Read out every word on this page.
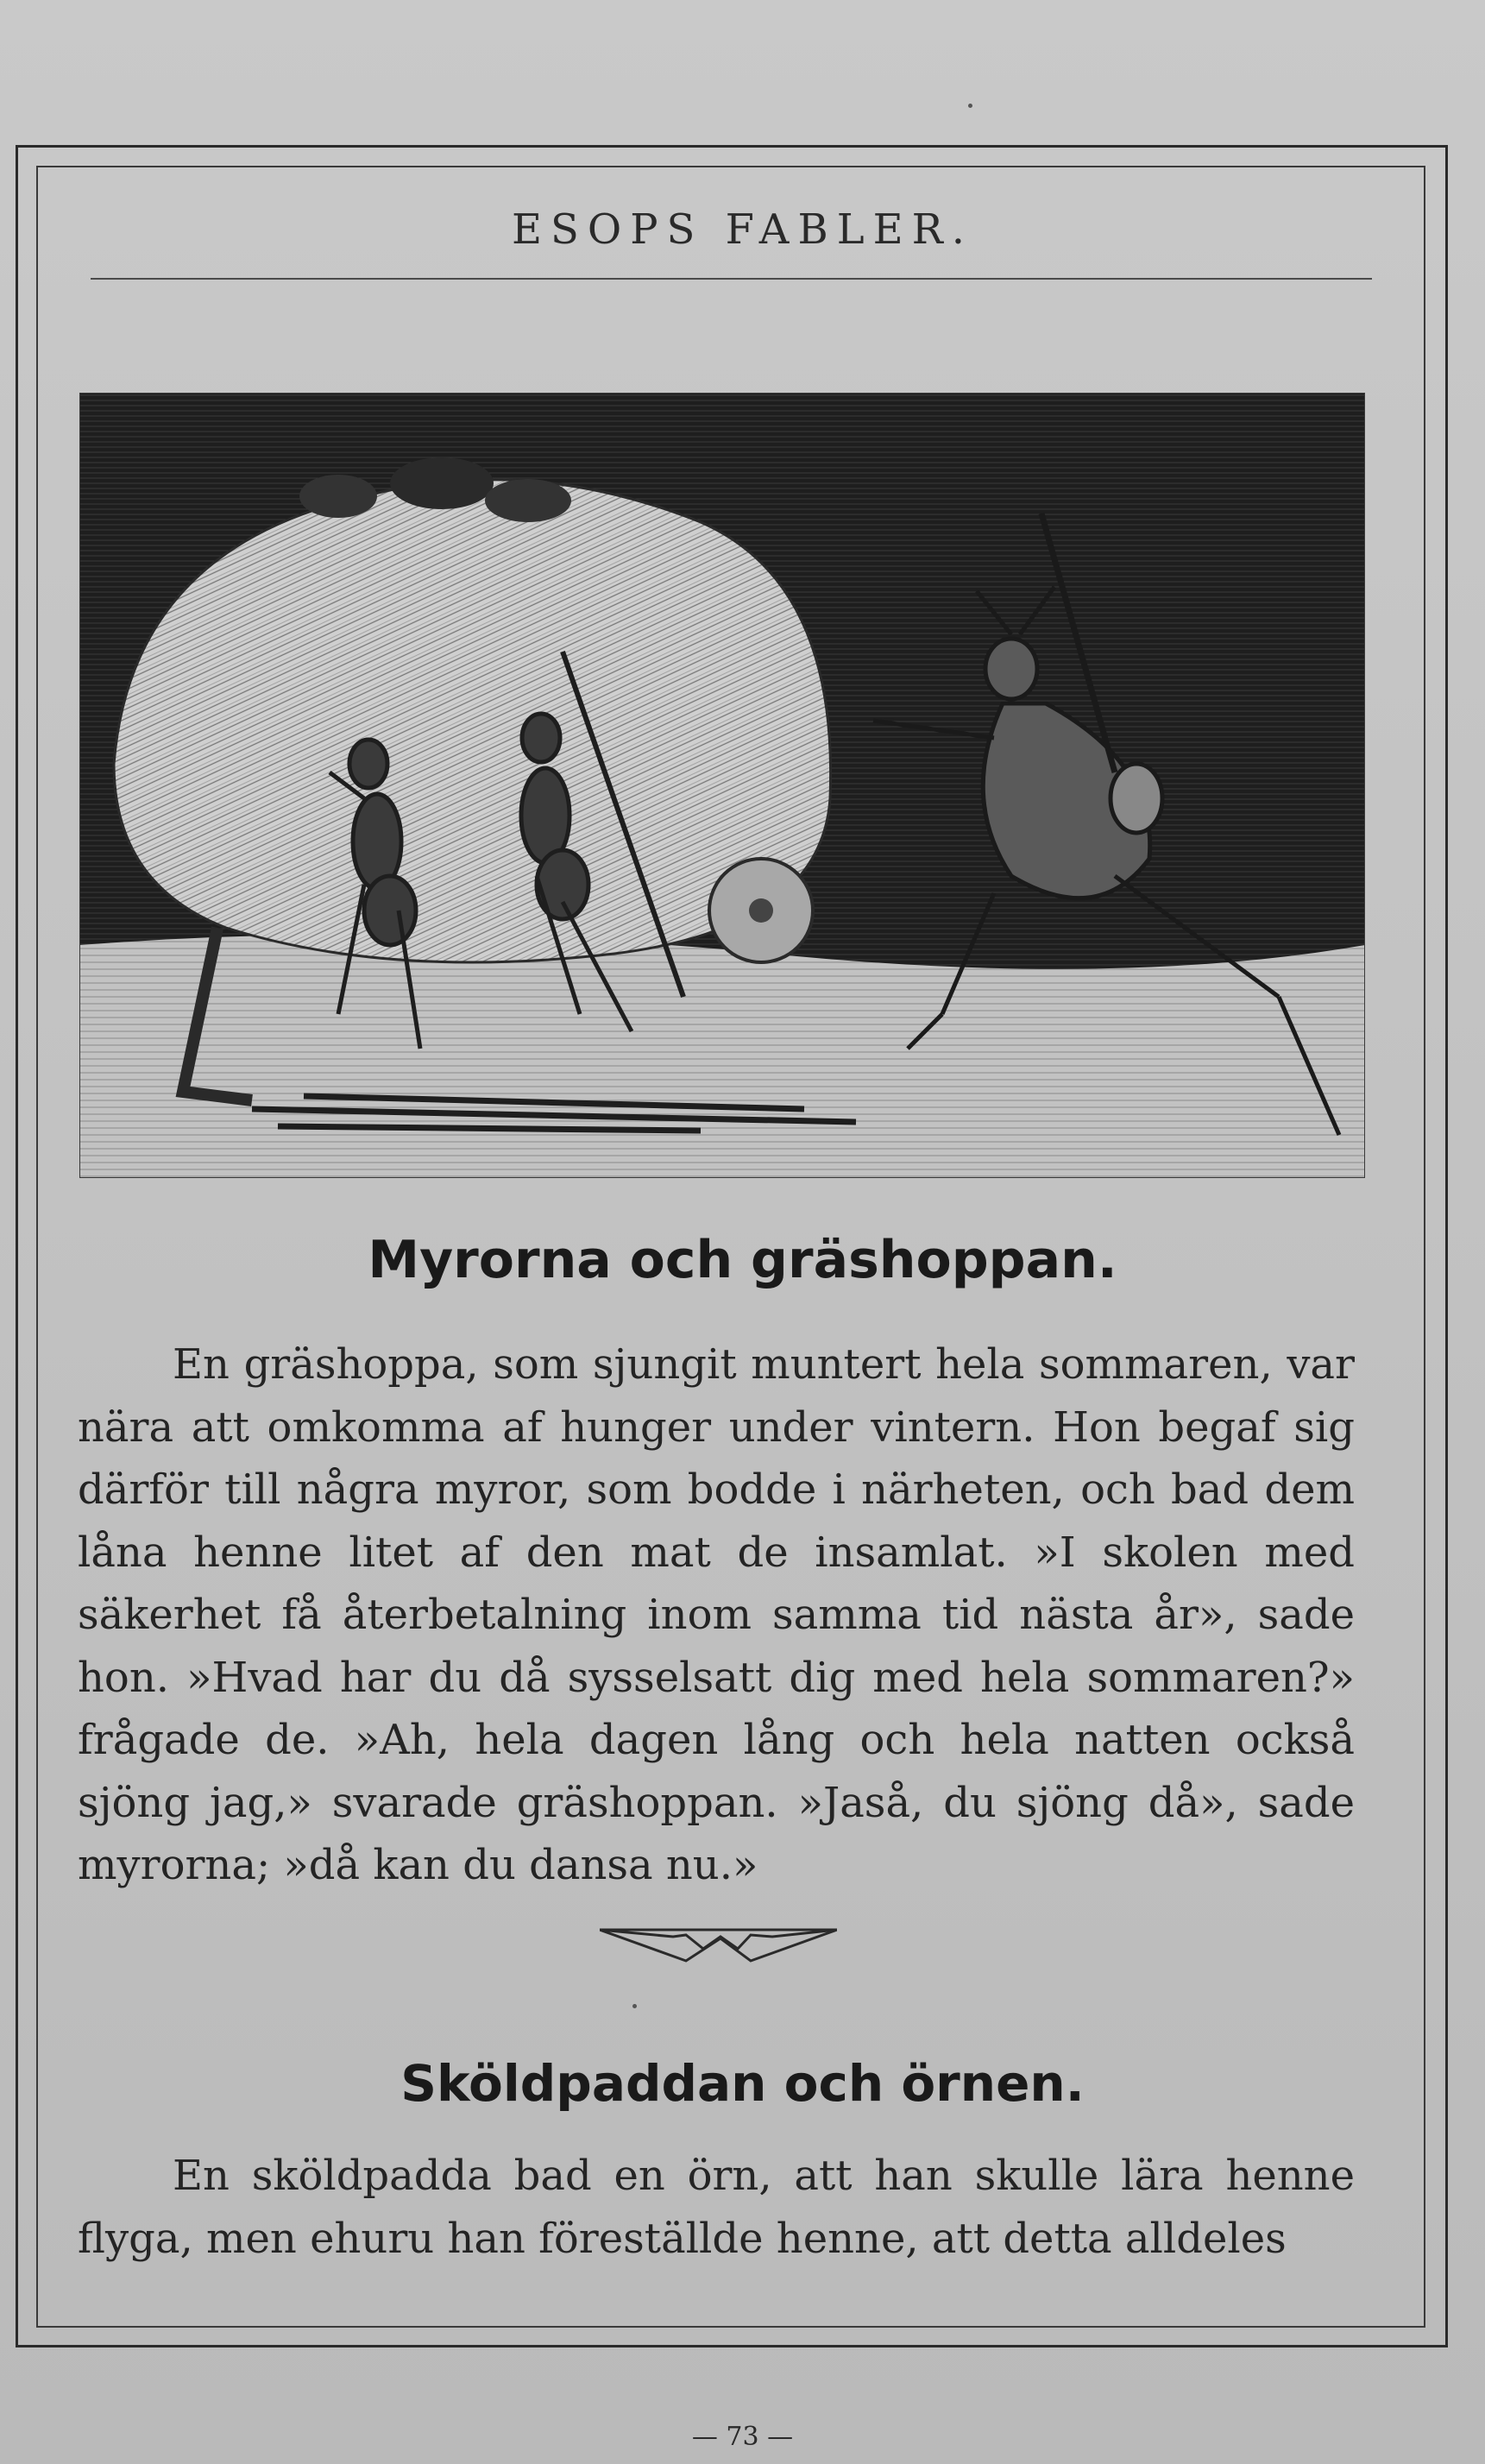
ESOPS FABLER.
Myrorna och gräshoppan.

En gräshoppa, som sjungit muntert hela sommaren, var nära att omkomma af hunger under vintern. Hon begaf sig därför till några myror, som bodde i närheten, och bad dem låna henne litet af den mat de insamlat. »I skolen med säkerhet få återbetalning inom samma tid nästa år», sade hon. »Hvad har du då sysselsatt dig med hela sommaren?» frågade de. »Ah, hela dagen lång och hela natten också sjöng jag,» svarade gräshoppan. »Jaså, du sjöng då», sade myrorna; »då kan du dansa nu.»

Sköldpaddan och örnen.

En sköldpadda bad en örn, att han skulle lära henne flyga, men ehuru han föreställde henne, att detta alldeles

— 73 —
